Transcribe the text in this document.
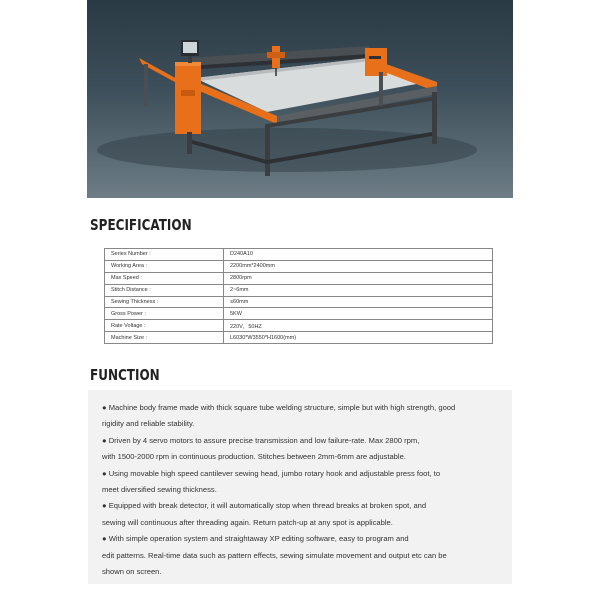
SPECIFICATION
Series Number :	D240A10
Working Area :	2200mm*2400mm
Max Speed :	2800rpm
Stitch Distance :	2~6mm
Sewing Thickness :	≤60mm
Gross Power :	5KW
Rate Voltage :	220V，50HZ
Machine Size :	L6030*W3550*H1600(mm)
FUNCTION

● Machine body frame made with thick square tube welding structure, simple but with high strength, good

rigidity and reliable stability.

● Driven by 4 servo motors to assure precise transmission and low failure-rate. Max 2800 rpm,

with 1500-2000 rpm in continuous production. Stitches between 2mm-6mm are adjustable.

● Using movable high speed cantilever sewing head, jumbo rotary hook and adjustable press foot, to

meet diversified sewing thickness.

● Equipped with break detector, it will automatically stop when thread breaks at broken spot, and

sewing will continuous after threading again. Return patch-up at any spot is applicable.

● With simple operation system and straightaway XP editing software, easy to program and

edit patterns. Real-time data such as pattern effects, sewing simulate movement and output etc can be

shown on screen.
